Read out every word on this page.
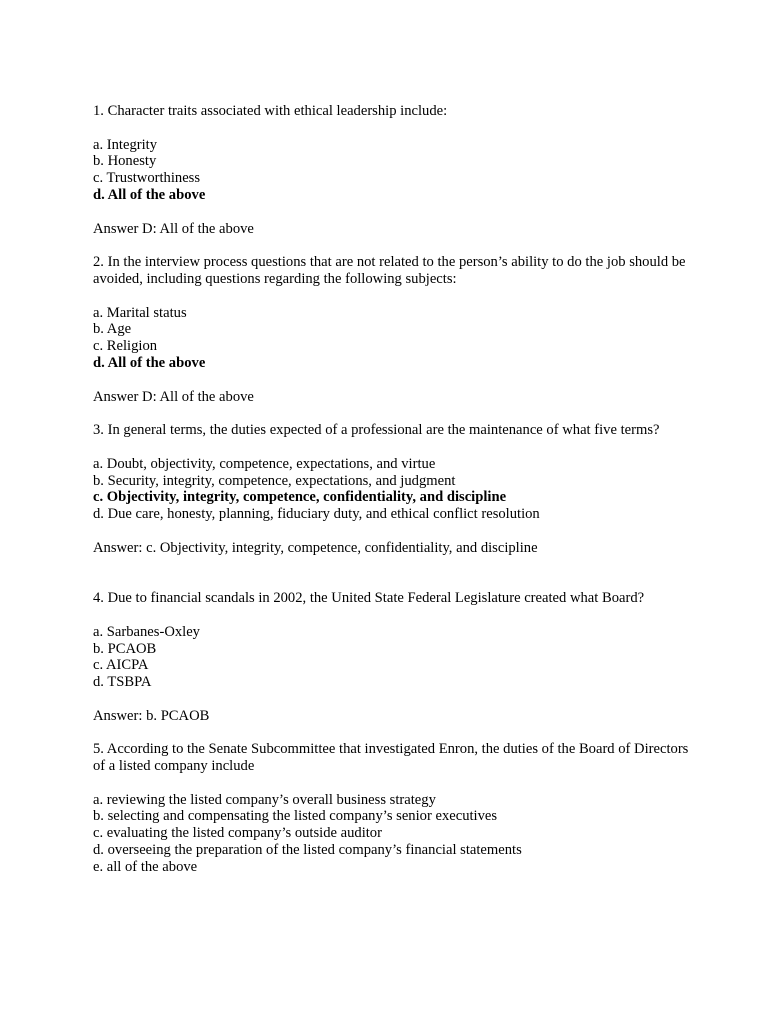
1. Character traits associated with ethical leadership include:

a. Integrity
b. Honesty
c. Trustworthiness
d. All of the above

Answer D: All of the above

2. In the interview process questions that are not related to the person’s ability to do the job should be avoided, including questions regarding the following subjects:

a. Marital status
b. Age
c. Religion
d. All of the above

Answer D: All of the above

3. In general terms, the duties expected of a professional are the maintenance of what five terms?

a. Doubt, objectivity, competence, expectations, and virtue
b. Security, integrity, competence, expectations, and judgment
c. Objectivity, integrity, competence, confidentiality, and discipline
d. Due care, honesty, planning, fiduciary duty, and ethical conflict resolution

Answer: c. Objectivity, integrity, competence, confidentiality, and discipline

4. Due to financial scandals in 2002, the United State Federal Legislature created what Board?

a. Sarbanes-Oxley
b. PCAOB
c. AICPA
d. TSBPA

Answer: b. PCAOB

5. According to the Senate Subcommittee that investigated Enron, the duties of the Board of Directors of a listed company include

a. reviewing the listed company’s overall business strategy
b. selecting and compensating the listed company’s senior executives
c. evaluating the listed company’s outside auditor
d. overseeing the preparation of the listed company’s financial statements
e. all of the above
